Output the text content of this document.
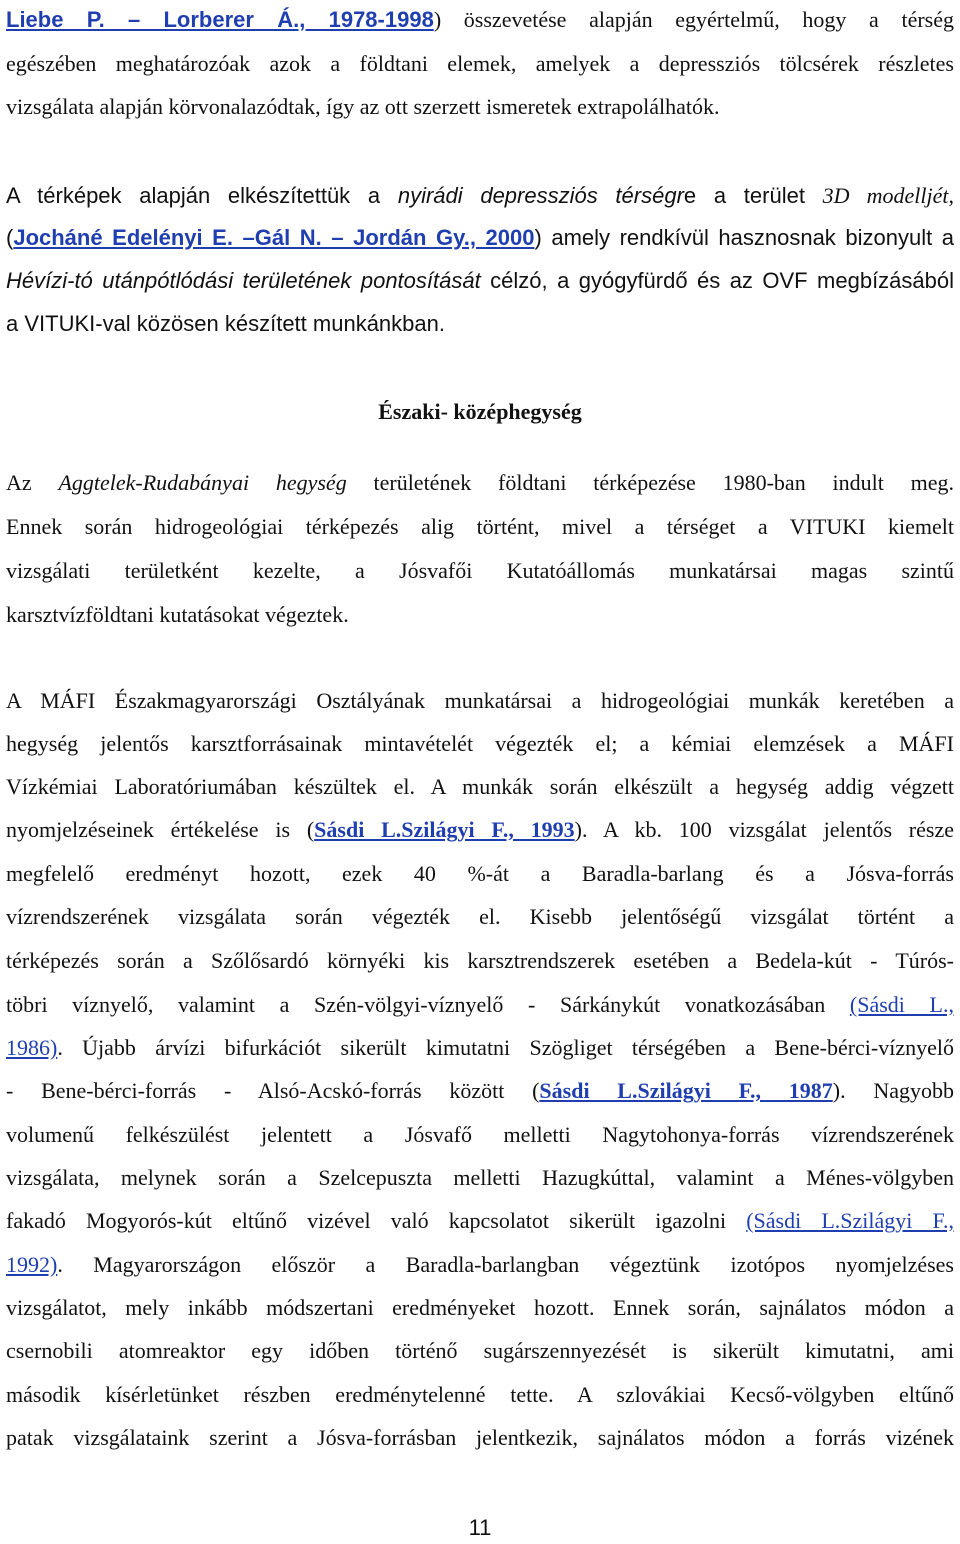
Liebe P. – Lorberer Á., 1978-1998) összevetése alapján egyértelmű, hogy a térség
egészében meghatározóak azok a földtani elemek, amelyek a depressziós tölcsérek részletes
vizsgálata alapján körvonalazódtak, így az ott szerzett ismeretek extrapolálhatók.
A térképek alapján elkészítettük a nyirádi depressziós térségre a terület 3D modelljét,
(Jocháné Edelényi E. –Gál N. – Jordán Gy., 2000) amely rendkívül hasznosnak bizonyult a
Hévízi-tó utánpótlódási területének pontosítását célzó, a gyógyfürdő és az OVF megbízásából
a VITUKI-val közösen készített munkánkban.
Északi- középhegység
Az Aggtelek-Rudabányai hegység területének földtani térképezése 1980-ban indult meg.
Ennek során hidrogeológiai térképezés alig történt, mivel a térséget a VITUKI kiemelt
vizsgálati területként kezelte, a Jósvafői Kutatóállomás munkatársai magas szintű
karsztvízföldtani kutatásokat végeztek.
A MÁFI Északmagyarországi Osztályának munkatársai a hidrogeológiai munkák keretében a
hegység jelentős karsztforrásainak mintavételét végezték el; a kémiai elemzések a MÁFI
Vízkémiai Laboratóriumában készültek el. A munkák során elkészült a hegység addig végzett
nyomjelzéseinek értékelése is (Sásdi L.Szilágyi F., 1993). A kb. 100 vizsgálat jelentős része
megfelelő eredményt hozott, ezek 40 %-át a Baradla-barlang és a Jósva-forrás
vízrendszerének vizsgálata során végezték el. Kisebb jelentőségű vizsgálat történt a
térképezés során a Szőlősardó környéki kis karsztrendszerek esetében a Bedela-kút - Túrós-
töbri víznyelő, valamint a Szén-völgyi-víznyelő - Sárkánykút vonatkozásában (Sásdi L.,
1986). Újabb árvízi bifurkációt sikerült kimutatni Szögliget térségében a Bene-bérci-víznyelő
- Bene-bérci-forrás - Alsó-Acskó-forrás között (Sásdi L.Szilágyi F., 1987). Nagyobb
volumenű felkészülést jelentett a Jósvafő melletti Nagytohonya-forrás vízrendszerének
vizsgálata, melynek során a Szelcepuszta melletti Hazugkúttal, valamint a Ménes-völgyben
fakadó Mogyorós-kút eltűnő vizével való kapcsolatot sikerült igazolni (Sásdi L.Szilágyi F.,
1992). Magyarországon először a Baradla-barlangban végeztünk izotópos nyomjelzéses
vizsgálatot, mely inkább módszertani eredményeket hozott. Ennek során, sajnálatos módon a
csernobili atomreaktor egy időben történő sugárszennyezését is sikerült kimutatni, ami
második kísérletünket részben eredménytelenné tette. A szlovákiai Kecső-völgyben eltűnő
patak vizsgálataink szerint a Jósva-forrásban jelentkezik, sajnálatos módon a forrás vizének
11
